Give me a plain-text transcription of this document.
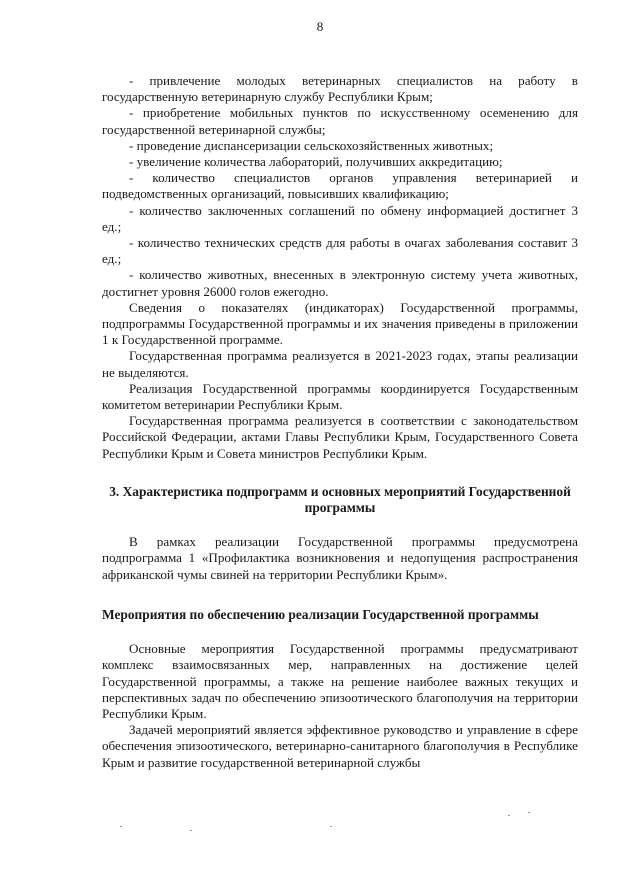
8

- привлечение молодых ветеринарных специалистов на работу в государственную ветеринарную службу Республики Крым;

- приобретение мобильных пунктов по искусственному осеменению для государственной ветеринарной службы;

- проведение диспансеризации сельскохозяйственных животных;

- увеличение количества лабораторий, получивших аккредитацию;

- количество специалистов органов управления ветеринарией и подведомственных организаций, повысивших квалификацию;

- количество заключенных соглашений по обмену информацией достигнет 3 ед.;

- количество технических средств для работы в очагах заболевания составит 3 ед.;

- количество животных, внесенных в электронную систему учета животных, достигнет уровня 26000 голов ежегодно.

Сведения о показателях (индикаторах) Государственной программы, подпрограммы Государственной программы и их значения приведены в приложении 1 к Государственной программе.

Государственная программа реализуется в 2021-2023 годах, этапы реализации не выделяются.

Реализация Государственной программы координируется Государственным комитетом ветеринарии Республики Крым.

Государственная программа реализуется в соответствии с законодательством Российской Федерации, актами Главы Республики Крым, Государственного Совета Республики Крым и Совета министров Республики Крым.

3. Характеристика подпрограмм и основных мероприятий Государственной программы

В рамках реализации Государственной программы предусмотрена подпрограмма 1 «Профилактика возникновения и недопущения распространения африканской чумы свиней на территории Республики Крым».

Мероприятия по обеспечению реализации Государственной программы

Основные мероприятия Государственной программы предусматривают комплекс взаимосвязанных мер, направленных на достижение целей Государственной программы, а также на решение наиболее важных текущих и перспективных задач по обеспечению эпизоотического благополучия на территории Республики Крым.

Задачей мероприятий является эффективное руководство и управление в сфере обеспечения эпизоотического, ветеринарно-санитарного благополучия в Республике Крым и развитие государственной ветеринарной службы
